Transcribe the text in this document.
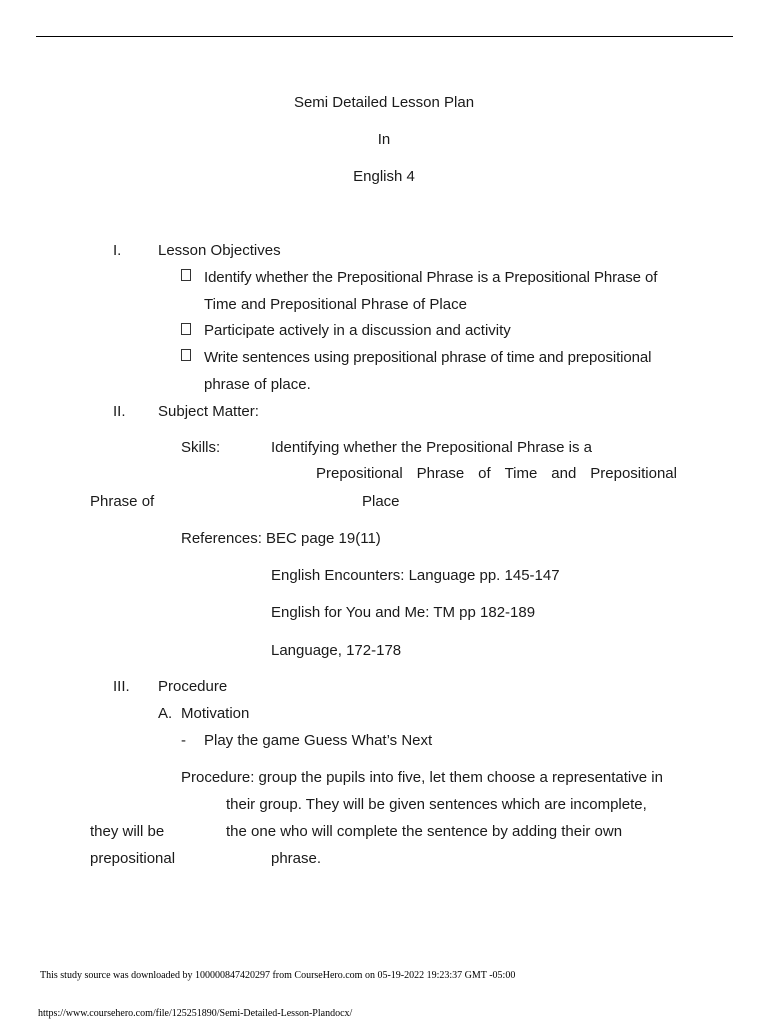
Semi Detailed Lesson Plan
In
English 4
I. Lesson Objectives
Identify whether the Prepositional Phrase is a Prepositional Phrase of
Time and Prepositional Phrase of Place
Participate actively in a discussion and activity
Write sentences using prepositional phrase of time and prepositional
phrase of place.
II. Subject Matter:
Skills:	Identifying whether the Prepositional Phrase is a
Prepositional Phrase of Time and Prepositional
Phrase of	Place
References: BEC page 19(11)
English Encounters: Language pp. 145-147
English for You and Me: TM pp 182-189
Language, 172-178
III. Procedure
A. Motivation
- Play the game Guess What’s Next
Procedure: group the pupils into five, let them choose a representative in
their group. They will be given sentences which are incomplete,
they will be	the one who will complete the sentence by adding their own
prepositional	phrase.
This study source was downloaded by 100000847420297 from CourseHero.com on 05-19-2022 19:23:37 GMT -05:00
https://www.coursehero.com/file/125251890/Semi-Detailed-Lesson-Plandocx/
